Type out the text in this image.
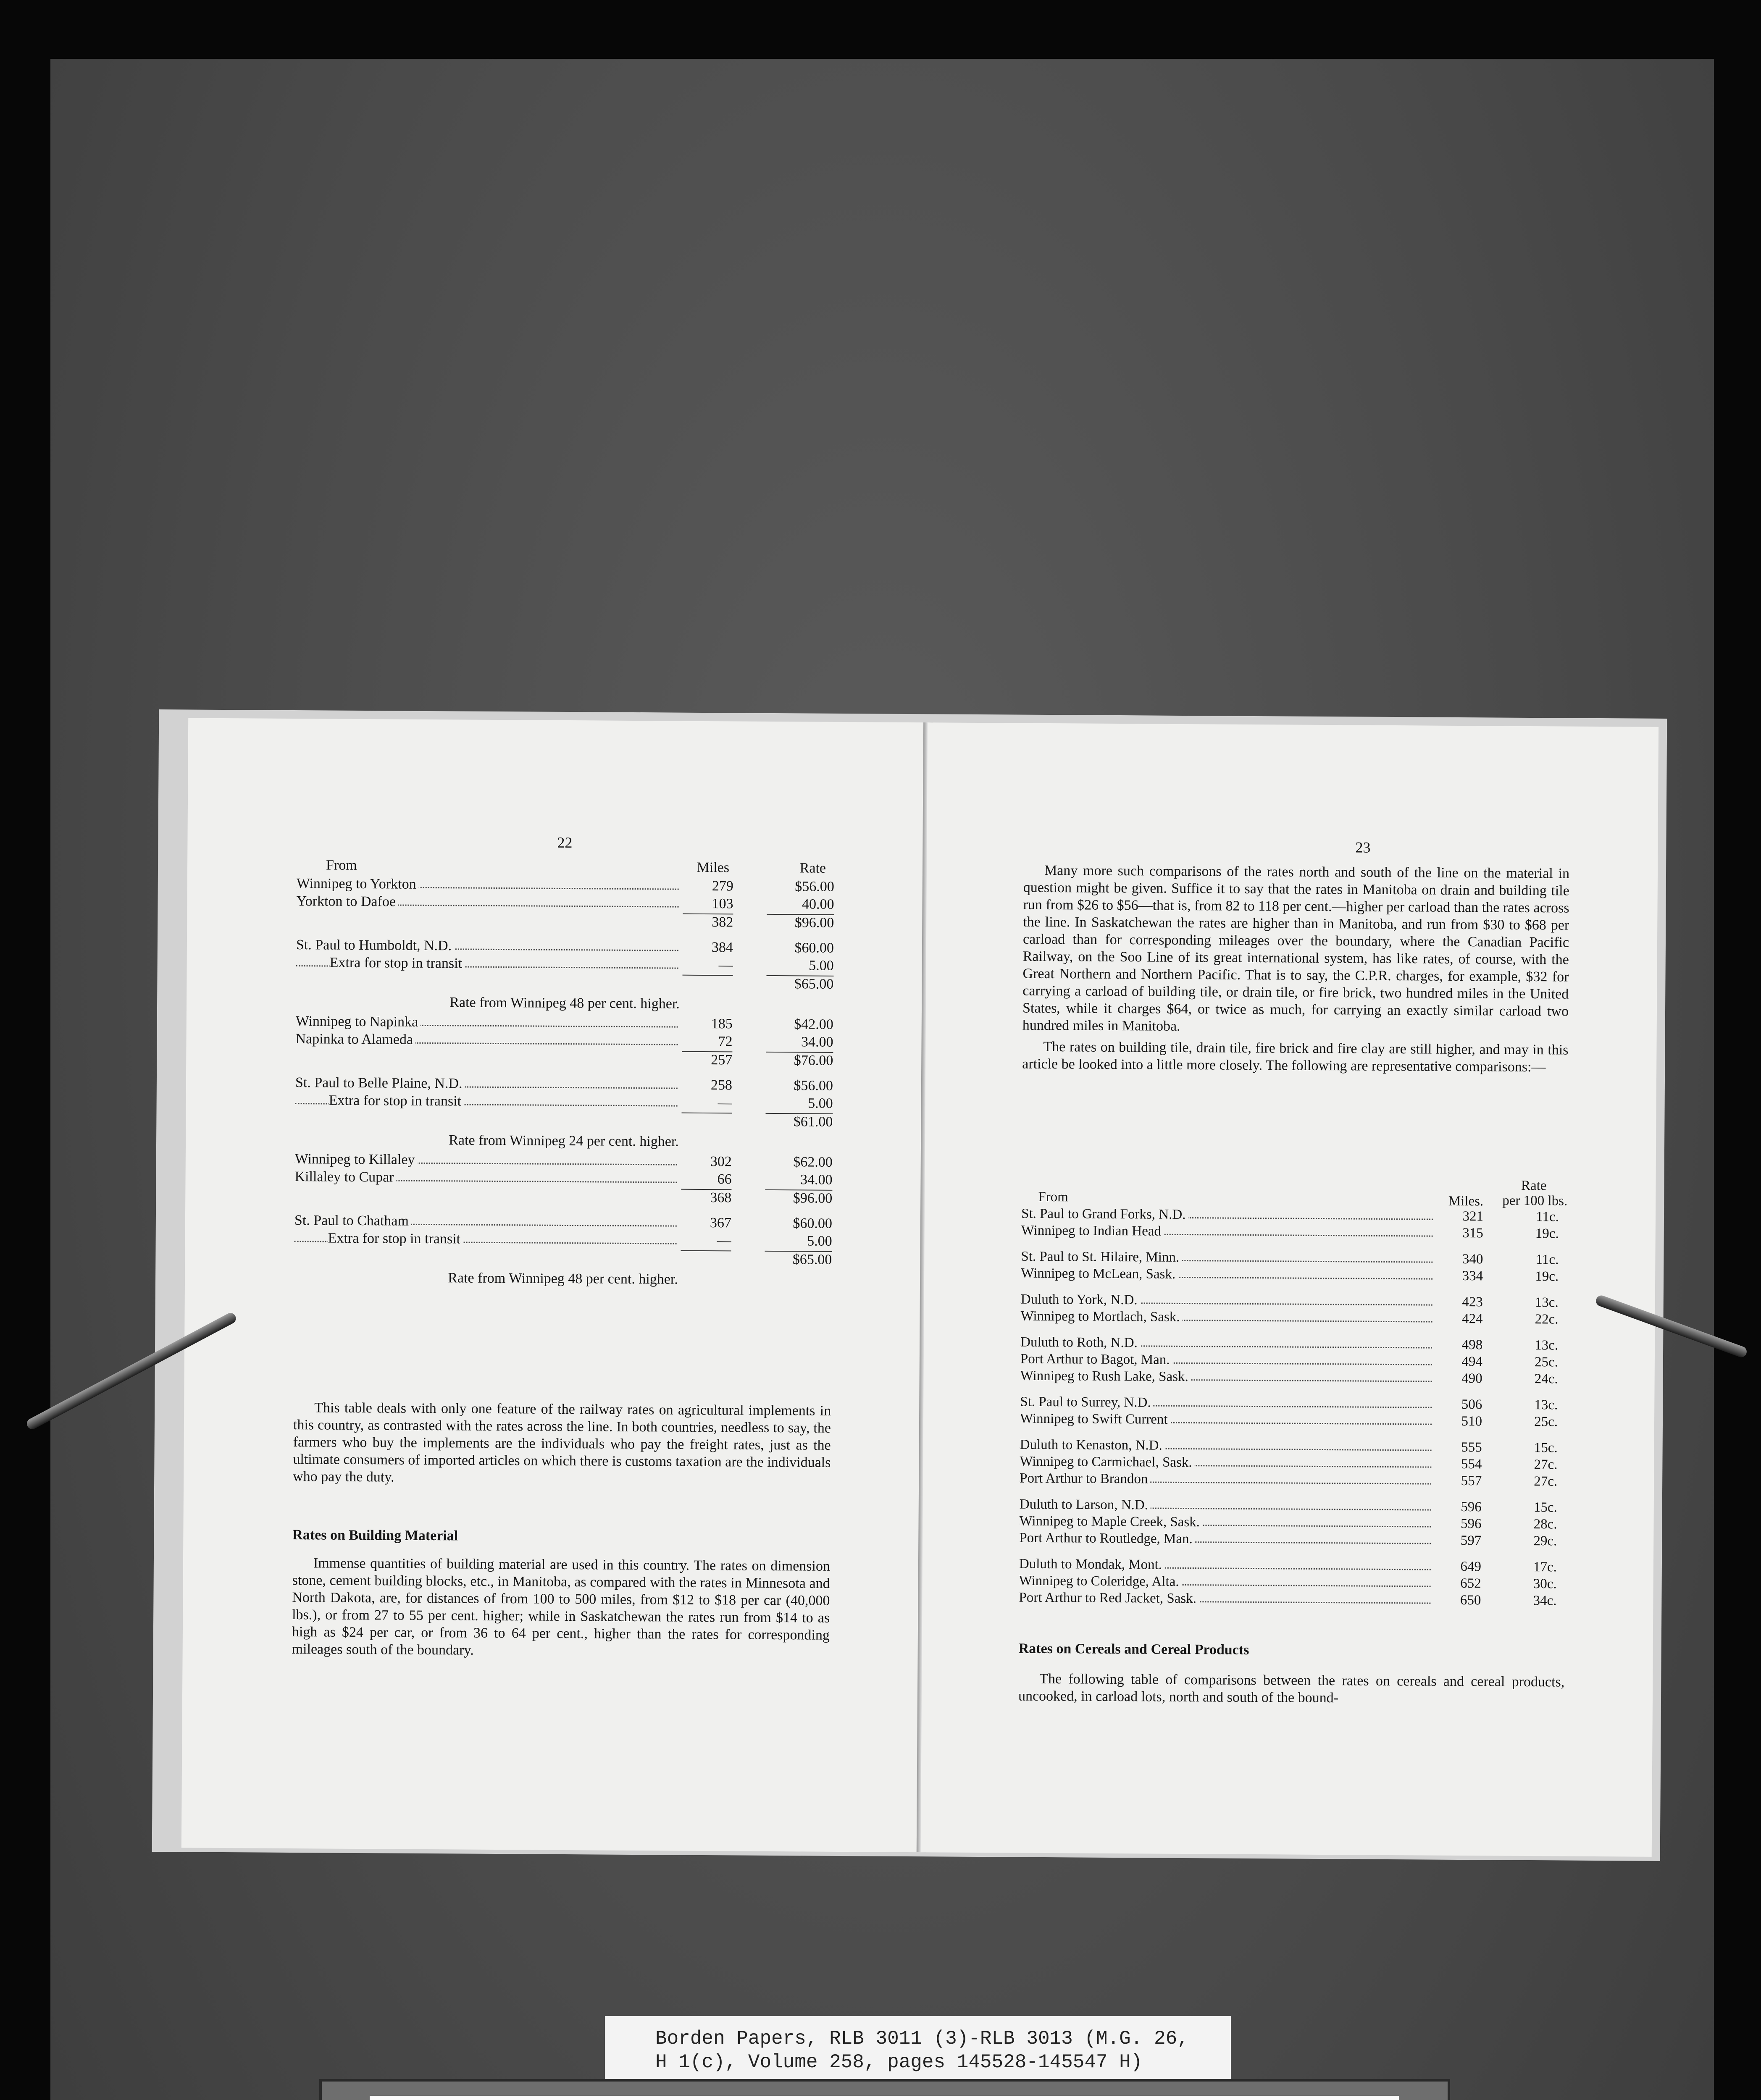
22
From	Miles	Rate
Winnipeg to Yorkton	279	$56.00
Yorkton to Dafoe	103	40.00
382	$96.00
St. Paul to Humboldt, N.D.	384	$60.00
Extra for stop in transit	—	5.00
$65.00
Rate from Winnipeg 48 per cent. higher.
Winnipeg to Napinka	185	$42.00
Napinka to Alameda	72	34.00
257	$76.00
St. Paul to Belle Plaine, N.D.	258	$56.00
Extra for stop in transit	—	5.00
$61.00
Rate from Winnipeg 24 per cent. higher.
Winnipeg to Killaley	302	$62.00
Killaley to Cupar	66	34.00
368	$96.00
St. Paul to Chatham	367	$60.00
Extra for stop in transit	—	5.00
$65.00
Rate from Winnipeg 48 per cent. higher.

This table deals with only one feature of the railway rates on agricultural implements in this country, as contrasted with the rates across the line. In both countries, needless to say, the farmers who buy the implements are the individuals who pay the freight rates, just as the ultimate consumers of imported articles on which there is customs taxation are the individuals who pay the duty.

Rates on Building Material

Immense quantities of building material are used in this country. The rates on dimension stone, cement building blocks, etc., in Manitoba, as compared with the rates in Minnesota and North Dakota, are, for distances of from 100 to 500 miles, from $12 to $18 per car (40,000 lbs.), or from 27 to 55 per cent. higher; while in Saskatchewan the rates run from $14 to as high as $24 per car, or from 36 to 64 per cent., higher than the rates for corresponding mileages south of the boundary.

23

Many more such comparisons of the rates north and south of the line on the material in question might be given. Suffice it to say that the rates in Manitoba on drain and building tile run from $26 to $56—that is, from 82 to 118 per cent.—higher per carload than the rates across the line. In Saskatchewan the rates are higher than in Manitoba, and run from $30 to $68 per carload than for corresponding mileages over the boundary, where the Canadian Pacific Railway, on the Soo Line of its great international system, has like rates, of course, with the Great Northern and Northern Pacific. That is to say, the C.P.R. charges, for example, $32 for carrying a carload of building tile, or drain tile, or fire brick, two hundred miles in the United States, while it charges $64, or twice as much, for carrying an exactly similar carload two hundred miles in Manitoba.

The rates on building tile, drain tile, fire brick and fire clay are still higher, and may in this article be looked into a little more closely. The following are representative comparisons:—

From	Miles.
Rate
per 100 lbs.
St. Paul to Grand Forks, N.D.	321	11c.
Winnipeg to Indian Head	315	19c.
St. Paul to St. Hilaire, Minn.	340	11c.
Winnipeg to McLean, Sask.	334	19c.
Duluth to York, N.D.	423	13c.
Winnipeg to Mortlach, Sask.	424	22c.
Duluth to Roth, N.D.	498	13c.
Port Arthur to Bagot, Man.	494	25c.
Winnipeg to Rush Lake, Sask.	490	24c.
St. Paul to Surrey, N.D.	506	13c.
Winnipeg to Swift Current	510	25c.
Duluth to Kenaston, N.D.	555	15c.
Winnipeg to Carmichael, Sask.	554	27c.
Port Arthur to Brandon	557	27c.
Duluth to Larson, N.D.	596	15c.
Winnipeg to Maple Creek, Sask.	596	28c.
Port Arthur to Routledge, Man.	597	29c.
Duluth to Mondak, Mont.	649	17c.
Winnipeg to Coleridge, Alta.	652	30c.
Port Arthur to Red Jacket, Sask.	650	34c.
Rates on Cereals and Cereal Products

The following table of comparisons between the rates on cereals and cereal products, uncooked, in carload lots, north and south of the bound-

Borden Papers, RLB 3011 (3)-RLB 3013 (M.G. 26,
H 1(c), Volume 258, pages 145528-145547 H)
